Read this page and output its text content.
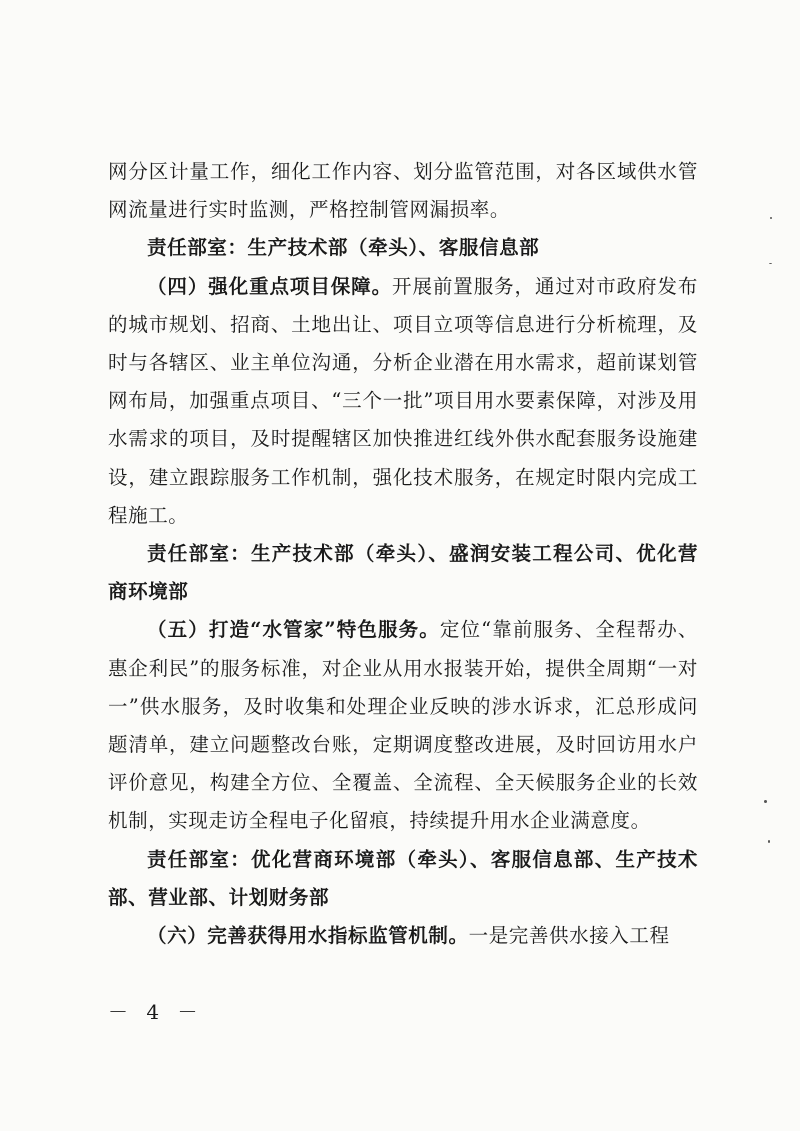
网分区计量工作，细化工作内容、划分监管范围，对各区域供水管网流量进行实时监测，严格控制管网漏损率。

责任部室：生产技术部（牵头）、客服信息部

（四）强化重点项目保障。开展前置服务，通过对市政府发布的城市规划、招商、土地出让、项目立项等信息进行分析梳理，及时与各辖区、业主单位沟通，分析企业潜在用水需求，超前谋划管网布局，加强重点项目、“三个一批”项目用水要素保障，对涉及用水需求的项目，及时提醒辖区加快推进红线外供水配套服务设施建设，建立跟踪服务工作机制，强化技术服务，在规定时限内完成工程施工。

责任部室：生产技术部（牵头）、盛润安装工程公司、优化营商环境部

（五）打造“水管家”特色服务。定位“靠前服务、全程帮办、惠企利民”的服务标准，对企业从用水报装开始，提供全周期“一对一”供水服务，及时收集和处理企业反映的涉水诉求，汇总形成问题清单，建立问题整改台账，定期调度整改进展，及时回访用水户评价意见，构建全方位、全覆盖、全流程、全天候服务企业的长效机制，实现走访全程电子化留痕，持续提升用水企业满意度。

责任部室：优化营商环境部（牵头）、客服信息部、生产技术部、营业部、计划财务部

（六）完善获得用水指标监管机制。一是完善供水接入工程

－ 4 －
